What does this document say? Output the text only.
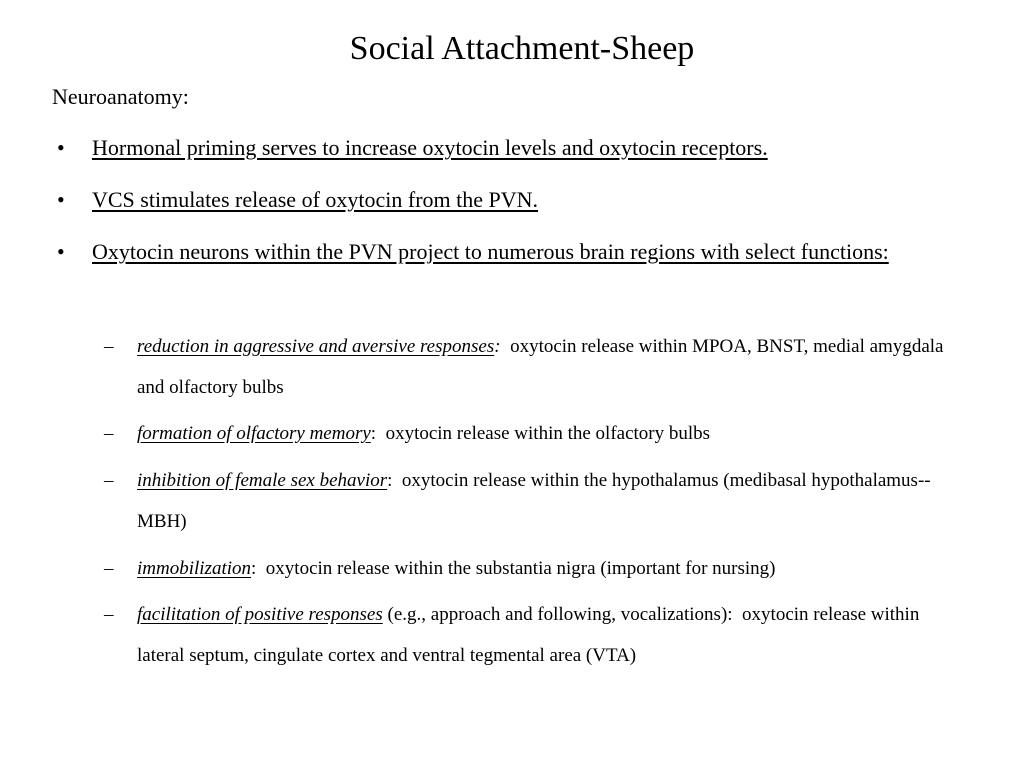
Social Attachment-Sheep
Neuroanatomy:
• Hormonal priming serves to increase oxytocin levels and oxytocin receptors.
• VCS stimulates release of oxytocin from the PVN.
• Oxytocin neurons within the PVN project to numerous brain regions with select functions:
– reduction in aggressive and aversive responses:  oxytocin release within MPOA, BNST, medial amygdala and olfactory bulbs
– formation of olfactory memory:  oxytocin release within the olfactory bulbs
– inhibition of female sex behavior:  oxytocin release within the hypothalamus (medibasal hypothalamus--MBH)
– immobilization:  oxytocin release within the substantia nigra (important for nursing)
– facilitation of positive responses (e.g., approach and following, vocalizations):  oxytocin release within lateral septum, cingulate cortex and ventral tegmental area (VTA)
